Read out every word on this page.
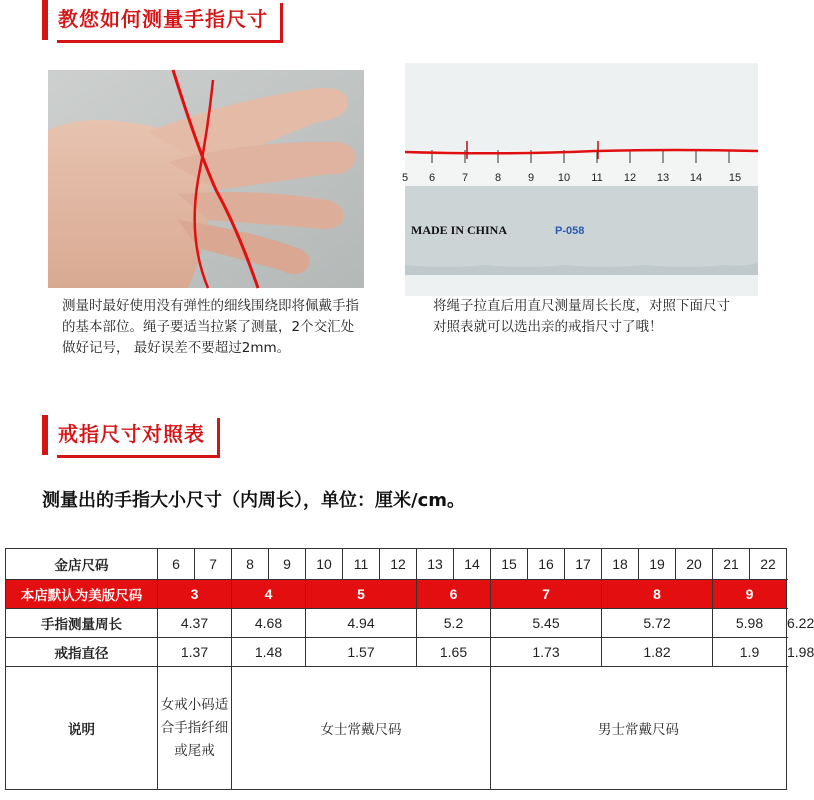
教您如何测量手指尺寸
5 6 7 8 9 10 11 12 13 14 15
MADE IN CHINA	P-058
测量时最好使用没有弹性的细线围绕即将佩戴手指的基本部位。绳子要适当拉紧了测量，2个交汇处做好记号， 最好误差不要超过2mm。
将绳子拉直后用直尺测量周长长度，对照下面尺寸对照表就可以选出亲的戒指尺寸了哦！
戒指尺寸对照表
测量出的手指大小尺寸（内周长），单位：厘米/cm。
金店尺码	6	7	8	9	10	11	12	13	14	15	16	17	18	19	20	21	22	
本店默认为美版尺码	3		4		5			6		7			8			9		10
手指测量周长	4.37		4.68		4.94			5.2		5.45			5.72			5.98		6.22
戒指直径	1.37		1.48		1.57			1.65		1.73			1.82			1.9		1.98
说明	女戒小码适合手指纤细或尾戒		女士常戴尺码							男士常戴尺码								
